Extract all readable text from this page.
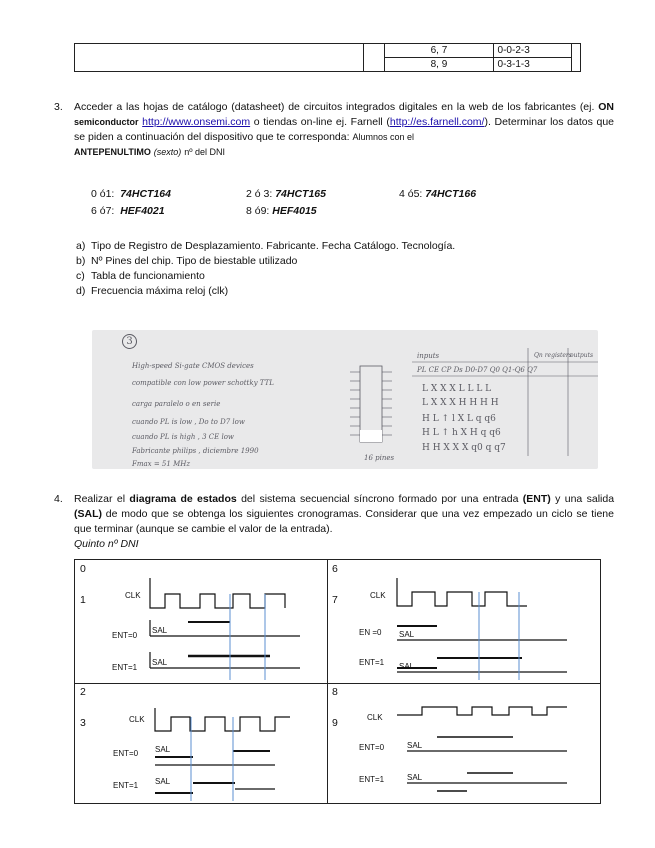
		6, 7	0-0-2-3	
		8, 9	0-3-1-3	
3. Acceder a las hojas de catálogo (datasheet) de circuitos integrados digitales en la web de los fabricantes (ej. ON semiconductor http://www.onsemi.com o tiendas on-line ej. Farnell (http://es.farnell.com/). Determinar los datos que se piden a continuación del dispositivo que te corresponda: Alumnos con el
ANTEPENULTIMO (sexto) nº del DNI
0 ó1: 74HCT164	2 ó 3: 74HCT165	4 ó5: 74HCT166
6 ó7: HEF4021	8 ó9: HEF4015
a) Tipo de Registro de Desplazamiento. Fabricante. Fecha Catálogo. Tecnología.
b) Nº Pines del chip. Tipo de biestable utilizado
c) Tabla de funcionamiento
d) Frecuencia máxima reloj (clk)
3
High-speed Si-gate CMOS devices
compatible con low power schottky TTL
carga paralelo o en serie
cuando PL is low , Do to D7 low
cuando PL is high , 3 CE low
Fabricante philips , diciembre 1990
Fmax = 51 MHz
16 pines
inputs	Qn registers
outputs
PL CE CP Ds D0-D7 Q0 Q1-Q6 Q7
L X X X L L L L
L X X X H H H H
H L ↑ l X L q q6
H L ↑ h X H q q6
H H X X X q0 q q7
4. Realizar el diagrama de estados del sistema secuencial síncrono formado por una entrada (ENT) y una salida (SAL) de modo que se obtenga los siguientes cronogramas. Considerar que una vez empezado un ciclo se tiene que terminar (aunque se cambie el valor de la entrada).
Quinto nº DNI
0
1	CLK
ENT=0
ENT=1
SAL
SAL
6
7	CLK
EN =0
ENT=1
SAL
SAL
2
3	CLK
ENT=0
ENT=1
SAL
SAL
8
9	CLK
ENT=0
ENT=1
SAL
SAL
